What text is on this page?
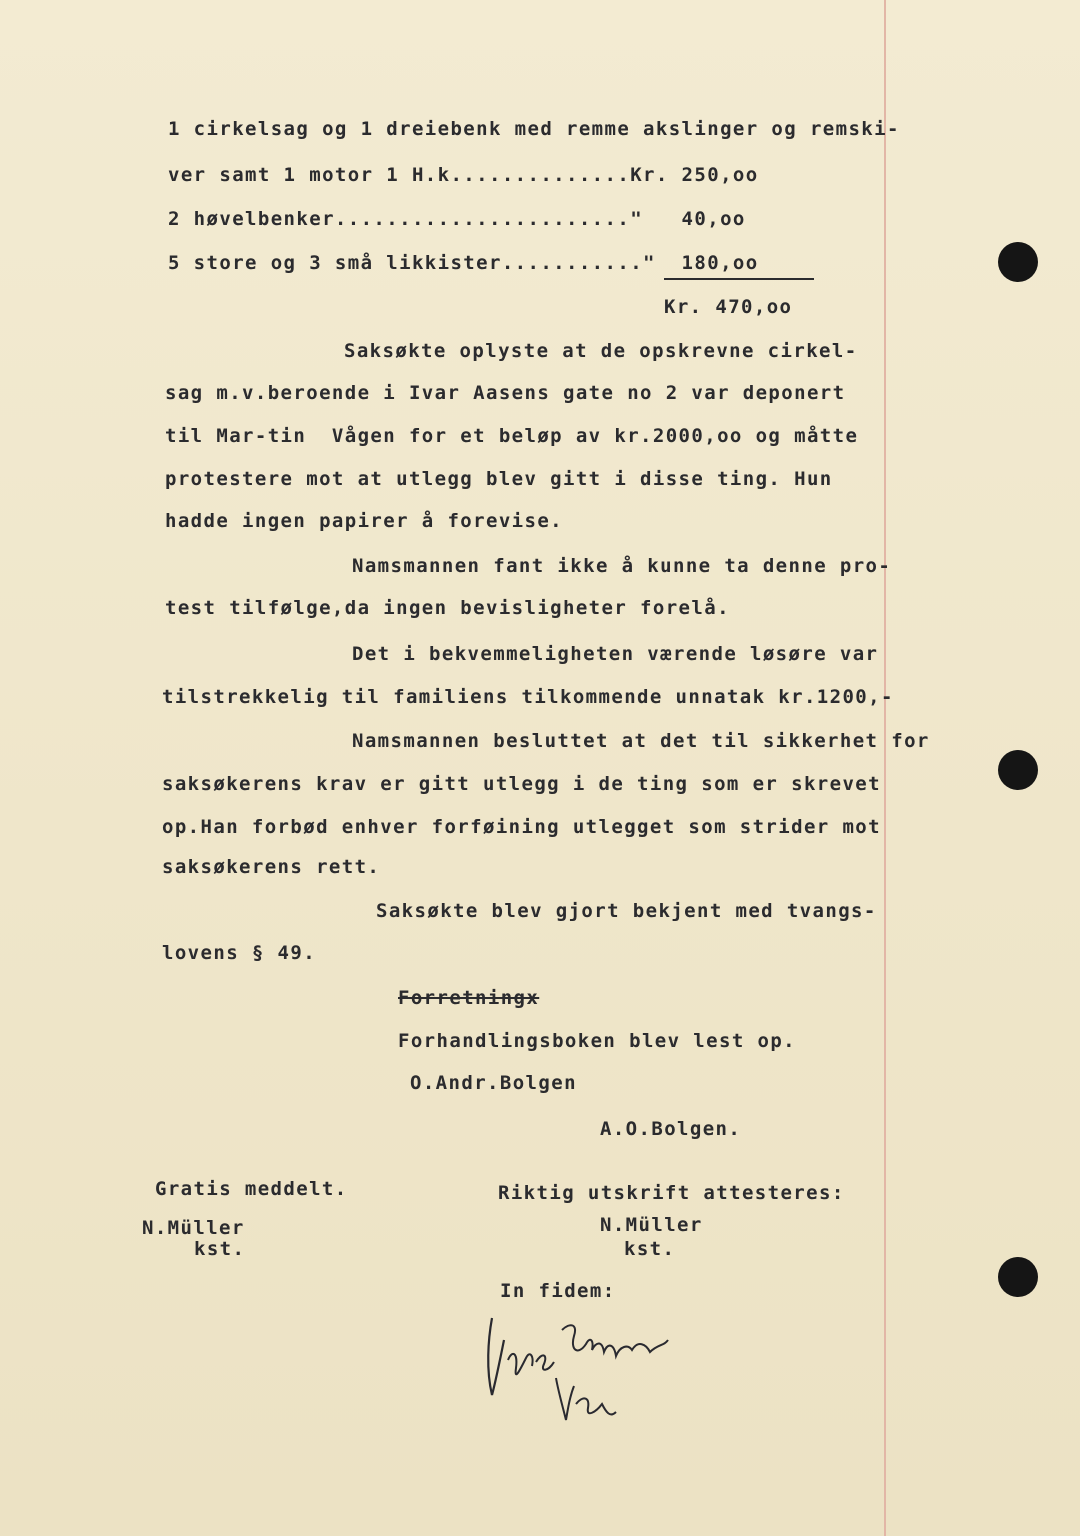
1 cirkelsag og 1 dreiebenk med remme akslinger og remski-
ver samt 1 motor 1 H.k..............Kr. 250,oo
2 høvelbenker......................."   40,oo
5 store og 3 små likkister..........."  180,oo
Kr. 470,oo
Saksøkte oplyste at de opskrevne cirkel-
sag m.v.beroende i Ivar Aasens gate no 2 var deponert
til Mar-tin  Vågen for et beløp av kr.2000,oo og måtte
protestere mot at utlegg blev gitt i disse ting. Hun
hadde ingen papirer å forevise.
Namsmannen fant ikke å kunne ta denne pro-
test tilfølge,da ingen bevisligheter forelå.
Det i bekvemmeligheten værende løsøre var
tilstrekkelig til familiens tilkommende unnatak kr.1200,-
Namsmannen besluttet at det til sikkerhet for
saksøkerens krav er gitt utlegg i de ting som er skrevet
op.Han forbød enhver forføining utlegget som strider mot
saksøkerens rett.
Saksøkte blev gjort bekjent med tvangs-
lovens § 49.
Forretningx
Forhandlingsboken blev lest op.
O.Andr.Bolgen
A.O.Bolgen.
Gratis meddelt.
N.Müller
kst.
Riktig utskrift attesteres:
N.Müller
kst.
In fidem:
